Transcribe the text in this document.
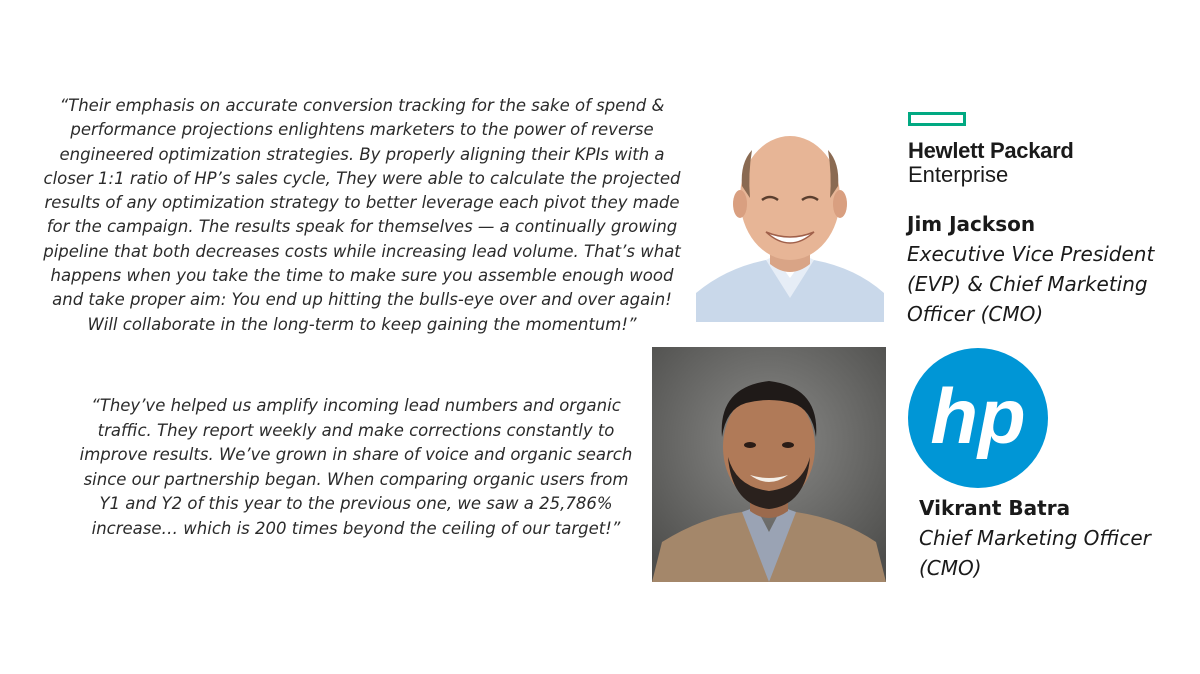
“Their emphasis on accurate conversion tracking for the sake of spend & performance projections enlightens marketers to the power of reverse engineered optimization strategies. By properly aligning their KPIs with a closer 1:1 ratio of HP’s sales cycle, They were able to calculate the projected results of any optimization strategy to better leverage each pivot they made for the campaign. The results speak for themselves — a continually growing pipeline that both decreases costs while increasing lead volume. That’s what happens when you take the time to make sure you assemble enough wood and take proper aim: You end up hitting the bulls-eye over and over again! Will collaborate in the long-term to keep gaining the momentum!”

Hewlett Packard
Enterprise
Jim Jackson
Executive Vice President (EVP) & Chief Marketing Officer (CMO)

“They’ve helped us amplify incoming lead numbers and organic traffic. They report weekly and make corrections constantly to improve results. We’ve grown in share of voice and organic search since our partnership began. When comparing organic users from Y1 and Y2 of this year to the previous one, we saw a 25,786% increase… which is 200 times beyond the ceiling of our target!”

hp
Vikrant Batra
Chief Marketing Officer (CMO)
